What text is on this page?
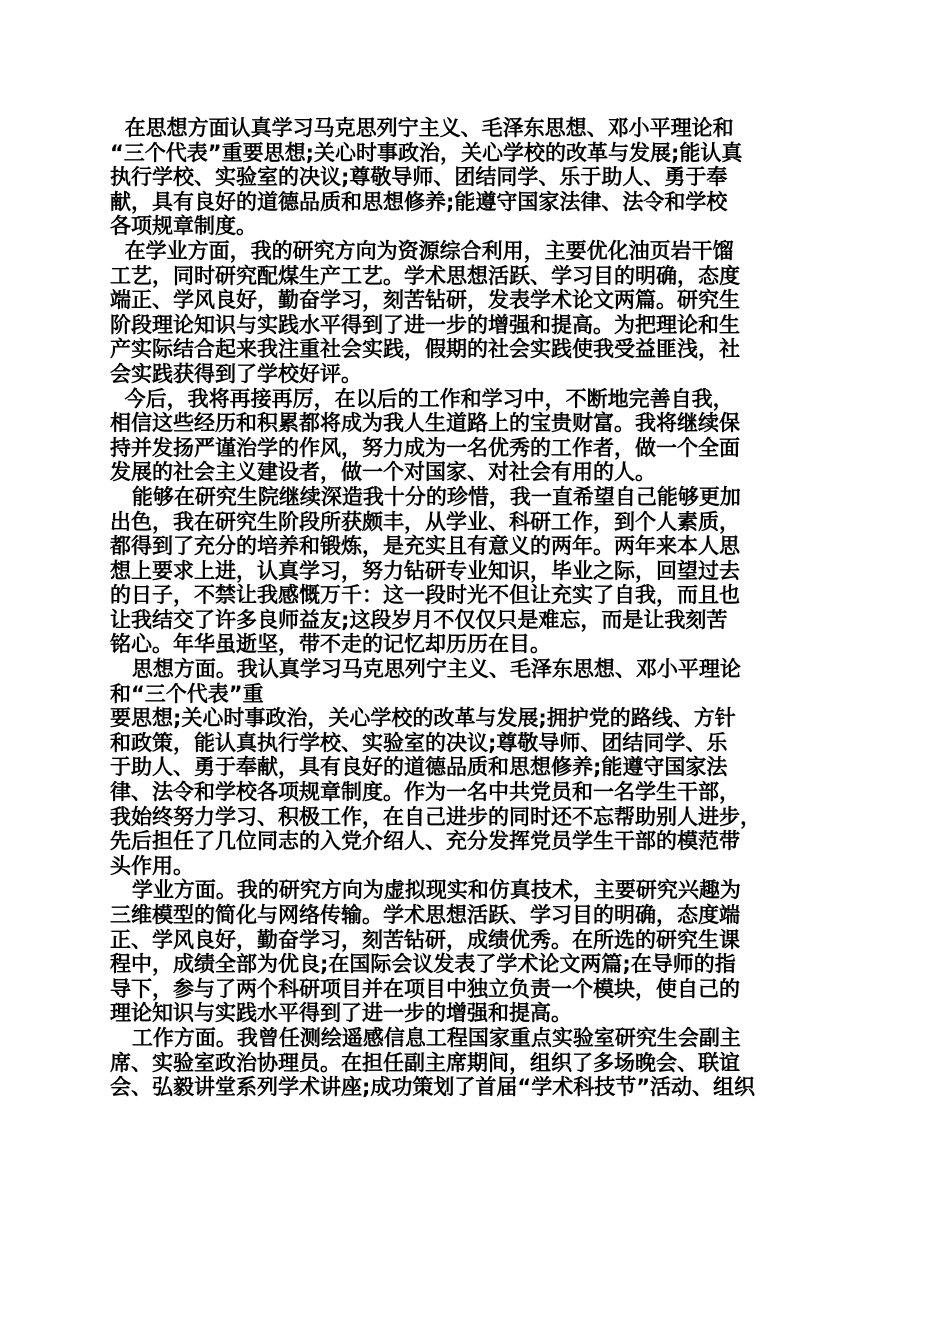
在思想方面认真学习马克思列宁主义、毛泽东思想、邓小平理论和
“三个代表”重要思想;关心时事政治，关心学校的改革与发展;能认真
执行学校、实验室的决议;尊敬导师、团结同学、乐于助人、勇于奉
献，具有良好的道德品质和思想修养;能遵守国家法律、法令和学校
各项规章制度。
在学业方面，我的研究方向为资源综合利用，主要优化油页岩干馏
工艺，同时研究配煤生产工艺。学术思想活跃、学习目的明确，态度
端正、学风良好，勤奋学习，刻苦钻研，发表学术论文两篇。研究生
阶段理论知识与实践水平得到了进一步的增强和提高。为把理论和生
产实际结合起来我注重社会实践，假期的社会实践使我受益匪浅，社
会实践获得到了学校好评。
今后，我将再接再厉，在以后的工作和学习中，不断地完善自我，
相信这些经历和积累都将成为我人生道路上的宝贵财富。我将继续保
持并发扬严谨治学的作风，努力成为一名优秀的工作者，做一个全面
发展的社会主义建设者，做一个对国家、对社会有用的人。
能够在研究生院继续深造我十分的珍惜，我一直希望自己能够更加
出色，我在研究生阶段所获颇丰，从学业、科研工作，到个人素质，
都得到了充分的培养和锻炼，是充实且有意义的两年。两年来本人思
想上要求上进，认真学习，努力钻研专业知识，毕业之际，回望过去
的日子，不禁让我感慨万千：这一段时光不但让充实了自我，而且也
让我结交了许多良师益友;这段岁月不仅仅只是难忘，而是让我刻苦
铭心。年华虽逝坚，带不走的记忆却历历在目。
思想方面。我认真学习马克思列宁主义、毛泽东思想、邓小平理论
和“三个代表”重
要思想;关心时事政治，关心学校的改革与发展;拥护党的路线、方针
和政策，能认真执行学校、实验室的决议;尊敬导师、团结同学、乐
于助人、勇于奉献，具有良好的道德品质和思想修养;能遵守国家法
律、法令和学校各项规章制度。作为一名中共党员和一名学生干部，
我始终努力学习、积极工作，在自己进步的同时还不忘帮助别人进步，
先后担任了几位同志的入党介绍人、充分发挥党员学生干部的模范带
头作用。
学业方面。我的研究方向为虚拟现实和仿真技术，主要研究兴趣为
三维模型的简化与网络传输。学术思想活跃、学习目的明确，态度端
正、学风良好，勤奋学习，刻苦钻研，成绩优秀。在所选的研究生课
程中，成绩全部为优良;在国际会议发表了学术论文两篇;在导师的指
导下，参与了两个科研项目并在项目中独立负责一个模块，使自己的
理论知识与实践水平得到了进一步的增强和提高。
工作方面。我曾任测绘遥感信息工程国家重点实验室研究生会副主
席、实验室政治协理员。在担任副主席期间，组织了多场晚会、联谊
会、弘毅讲堂系列学术讲座;成功策划了首届“学术科技节”活动、组织
